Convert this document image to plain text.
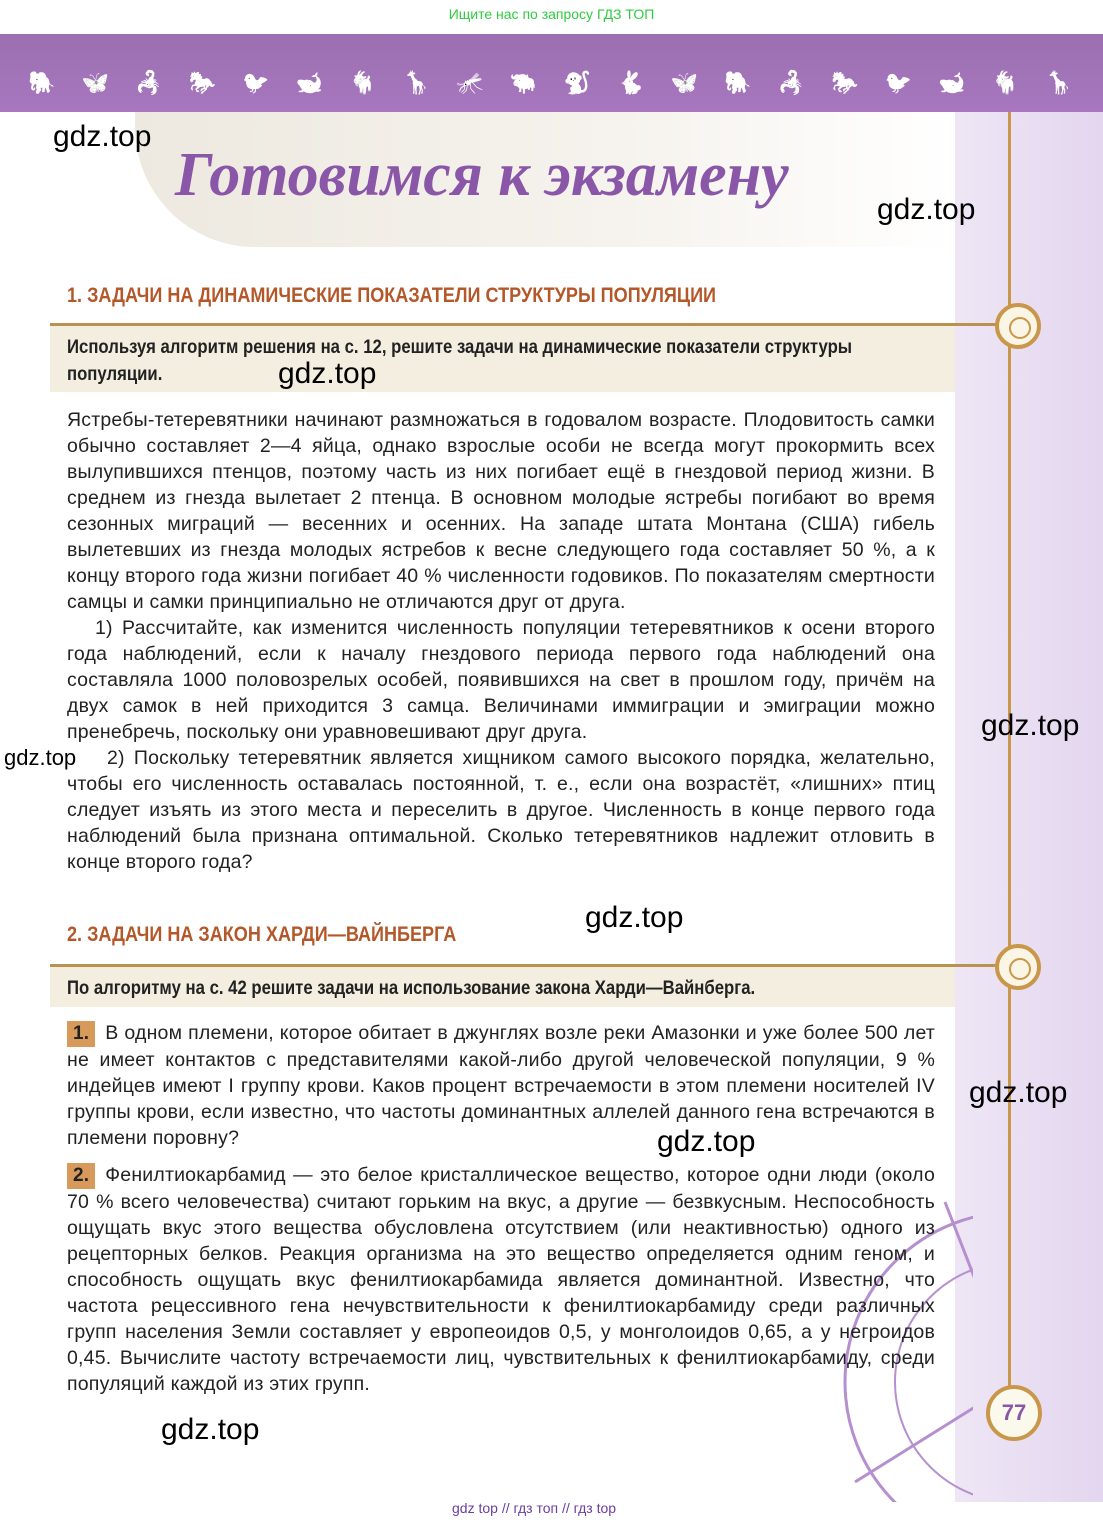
Ищите нас по запросу ГДЗ ТОП
🐘 🦋 🦂 🐎 🐦 🐋 🐐 🦒 🦟 🐃 🐒 🐇 🦋 🐘 🦂 🐎 🐦 🐋 🐐 🦒
Готовимся к экзамену
1. ЗАДАЧИ НА ДИНАМИЧЕСКИЕ ПОКАЗАТЕЛИ СТРУКТУРЫ ПОПУЛЯЦИИ
Используя алгоритм решения на с. 12, решите задачи на динамические показатели структуры популяции.
gdz.top

Ястребы-тетеревятники начинают размножаться в годовалом возрасте. Плодовитость самки обычно составляет 2—4 яйца, однако взрослые особи не всегда могут прокормить всех вылупившихся птенцов, поэтому часть из них погибает ещё в гнездовой период жизни. В среднем из гнезда вылетает 2 птенца. В основном молодые ястребы погибают во время сезонных миграций — весенних и осенних. На западе штата Монтана (США) гибель вылетевших из гнезда молодых ястребов к весне следующего года составляет 50 %, а к концу второго года жизни погибает 40 % численности годовиков. По показателям смертности самцы и самки принципиально не отличаются друг от друга.

1) Рассчитайте, как изменится численность популяции тетеревятников к осени второго года наблюдений, если к началу гнездового периода первого года наблюдений она составляла 1000 половозрелых особей, появившихся на свет в прошлом году, причём на двух самок в ней приходится 3 самца. Величинами иммиграции и эмиграции можно пренебречь, поскольку они уравновешивают друг друга.

2) Поскольку тетеревятник является хищником самого высокого порядка, желательно, чтобы его численность оставалась постоянной, т. е., если она возрастёт, «лишних» птиц следует изъять из этого места и переселить в другое. Численность в конце первого года наблюдений была признана оптимальной. Сколько тетеревятников надлежит отловить в конце второго года?

2. ЗАДАЧИ НА ЗАКОН ХАРДИ—ВАЙНБЕРГА
По алгоритму на с. 42 решите задачи на использование закона Харди—Вайнберга.
1. В одном племени, которое обитает в джунглях возле реки Амазонки и уже более 500 лет не имеет контактов с представителями какой-либо другой человеческой популяции, 9 % индейцев имеют I группу крови. Каков процент встречаемости в этом племени носителей IV группы крови, если известно, что частоты доминантных аллелей данного гена встречаются в племени поровну?
2. Фенилтиокарбамид — это белое кристаллическое вещество, которое одни люди (около 70 % всего человечества) считают горьким на вкус, а другие — безвкусным. Неспособность ощущать вкус этого вещества обусловлена отсутствием (или неактивностью) одного из рецепторных белков. Реакция организма на это вещество определяется одним геном, и способность ощущать вкус фенилтиокарбамида является доминантной. Известно, что частота рецессивного гена нечувствительности к фенилтиокарбамиду среди различных групп населения Земли составляет у европеоидов 0,5, у монголоидов 0,65, а у негроидов 0,45. Вычислите частоту встречаемости лиц, чувствительных к фенилтиокарбамиду, среди популяций каждой из этих групп.
gdz.top
gdz.top
gdz.top
gdz.top
gdz.top
gdz.top
gdz.top
gdz.top
77
gdz top // гдз топ // гдз top
